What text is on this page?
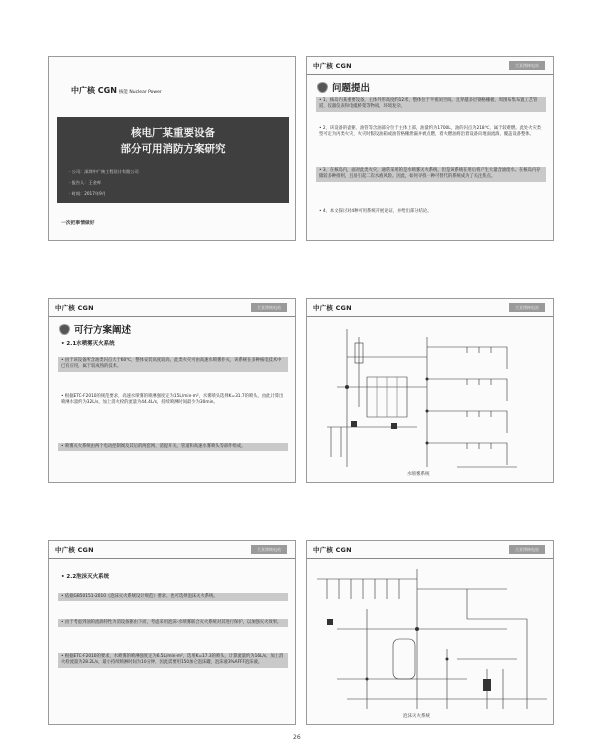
中广核 CGN 核能 Nuclear Power
核电厂某重要设备
部分可用消防方案研究
· 公司：深圳中广核工程设计有限公司
· 报告人：王金库
· 时间：2017年9月
一次把事情做好
中广核 CGN	大亚湾核电站
问题提出
• 1、核岛内某重要设备，主体外形高度约12米，整体位于半密闭空间。且穿越多层钢格栅板，周围布集布置工艺管道、仪器仪表和电缆桥架等物项，环境复杂。
• 2、该设备的壶躯、油管等含油部分位于主体上部，油量约为1700L，油的闪点为218℃，属于较难燃。此处火灾类型可定为丙类火灾，火灾时假设油箱或油管格栅泄漏并被点燃，着火燃油将沿着设备向地面流淌，覆盖设备整体。
• 3、在核岛内，面对此类火灾，通常采用的是水喷雾灭火系统，但是该系统在用后将产生大量含油废水。在核岛内存储较多种排则，且易引起二次水液风险。因此，如何寻找一种可替代的系统成为了关注焦点。
• 4、本文探讨对4种可用系统开展论证，并给出部分结论。
中广核 CGN	大亚湾核电站
可行方案阐述
• 2.1水喷雾灭火系统
• 由于该设备所含油类闪点大于60℃，整体安装高度较高，此类火灾可由高速水喷雾扑灭，该系统在多种核电技术中已有应用，属于较成熟的技术。
• 根据ETC-F2010的规范要求，高速水喷雾的喷淋强度定为15L/min·m²，水雾喷头选择K=31.7的喷头，由此计算出喷淋水量约为32L/s，加上消火栓的流量为44.4L/s，持续喷淋时间最少为30min。
• 喷雾灭火系统由两个电动控制阀及其后的两套网、消提开关、管道和高速水雾喷头等部件组成。
中广核 CGN	大亚湾核电站
水喷雾系统
中广核 CGN	大亚湾核电站
• 2.2泡沫灭火系统
• 依据GB50151-2010《泡沫灭火系统设计规范》要求，也可选择泡沫灭火系统。
• 由于考虑到油的流淌特性为消设备躯由下而，考虑采用泡沫-水喷雾联合灭火系统对其进行保护，以加强灭火效果。
• 根据ETC-F2010的要求，水喷雾的喷淋强度定为6.5L/min·m²，选用K=17.3的喷头，计算流量约为16L/s，加上消火栓流量为28.2L/s，最小持续喷淋时间为10分钟，因此需要用150加仑泡沫罐，泡沫液3%AFFF泡沫液。
中广核 CGN	大亚湾核电站
泡沫灭火系统
26
